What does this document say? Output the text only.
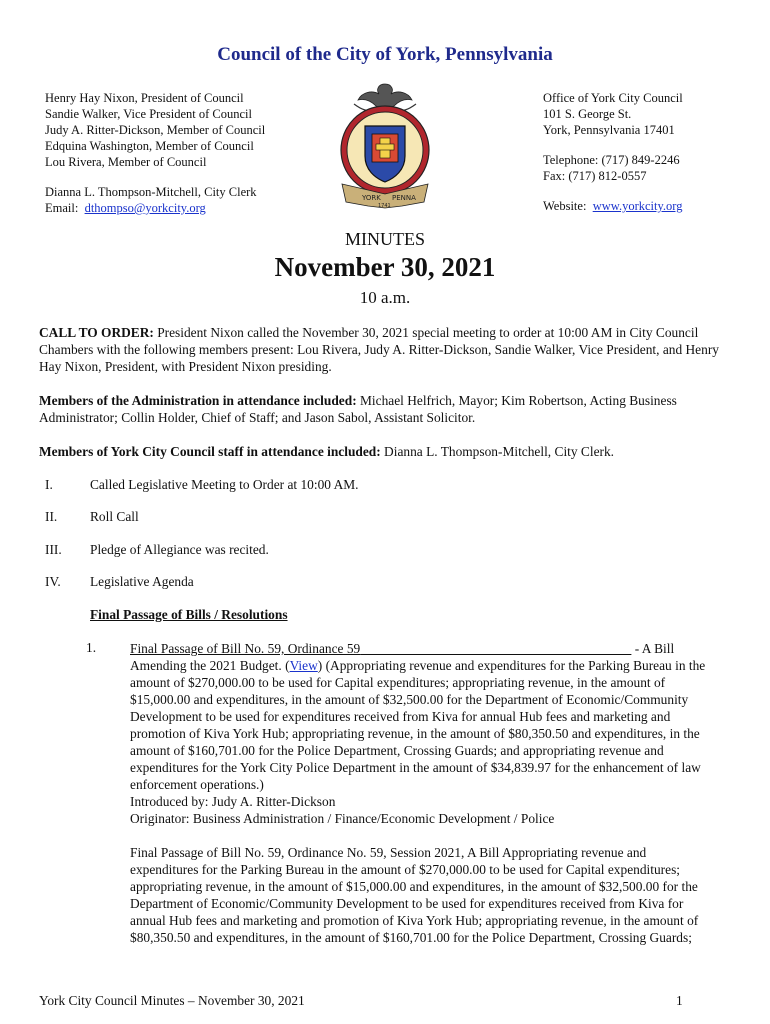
Council of the City of York, Pennsylvania
Henry Hay Nixon, President of Council
Sandie Walker, Vice President of Council
Judy A. Ritter-Dickson, Member of Council
Edquina Washington, Member of Council
Lou Rivera, Member of Council
Dianna L. Thompson-Mitchell, City Clerk
Email: dthompso@yorkcity.org
YORK PENNA
1741
Office of York City Council
101 S. George St.
York, Pennsylvania 17401
Telephone: (717) 849-2246
Fax: (717) 812-0557
Website: www.yorkcity.org
MINUTES
November 30, 2021
10 a.m.
CALL TO ORDER: President Nixon called the November 30, 2021 special meeting to order at 10:00 AM in City Council Chambers with the following members present: Lou Rivera, Judy A. Ritter-Dickson, Sandie Walker, Vice President, and Henry Hay Nixon, President, with President Nixon presiding.
Members of the Administration in attendance included: Michael Helfrich, Mayor; Kim Robertson, Acting Business Administrator; Collin Holder, Chief of Staff; and Jason Sabol, Assistant Solicitor.
Members of York City Council staff in attendance included: Dianna L. Thompson-Mitchell, City Clerk.
I.	Called Legislative Meeting to Order at 10:00 AM.
II. Roll Call
III. Pledge of Allegiance was recited.
IV. Legislative Agenda
Final Passage of Bills / Resolutions
1.	Final Passage of Bill No. 59, Ordinance 59	- A Bill
Amending the 2021 Budget. (View) (Appropriating revenue and expenditures for the Parking Bureau in the
amount of $270,000.00 to be used for Capital expenditures; appropriating revenue, in the amount of
$15,000.00 and expenditures, in the amount of $32,500.00 for the Department of Economic/Community
Development to be used for expenditures received from Kiva for annual Hub fees and marketing and
promotion of Kiva York Hub; appropriating revenue, in the amount of $80,350.50 and expenditures, in the
amount of $160,701.00 for the Police Department, Crossing Guards; and appropriating revenue and
expenditures for the York City Police Department in the amount of $34,839.97 for the enhancement of law
enforcement operations.)
Introduced by: Judy A. Ritter-Dickson
Originator: Business Administration / Finance/Economic Development / Police
Final Passage of Bill No. 59, Ordinance No. 59, Session 2021, A Bill Appropriating revenue and
expenditures for the Parking Bureau in the amount of $270,000.00 to be used for Capital expenditures;
appropriating revenue, in the amount of $15,000.00 and expenditures, in the amount of $32,500.00 for the
Department of Economic/Community Development to be used for expenditures received from Kiva for
annual Hub fees and marketing and promotion of Kiva York Hub; appropriating revenue, in the amount of
$80,350.50 and expenditures, in the amount of $160,701.00 for the Police Department, Crossing Guards;
York City Council Minutes – November 30, 2021	1
